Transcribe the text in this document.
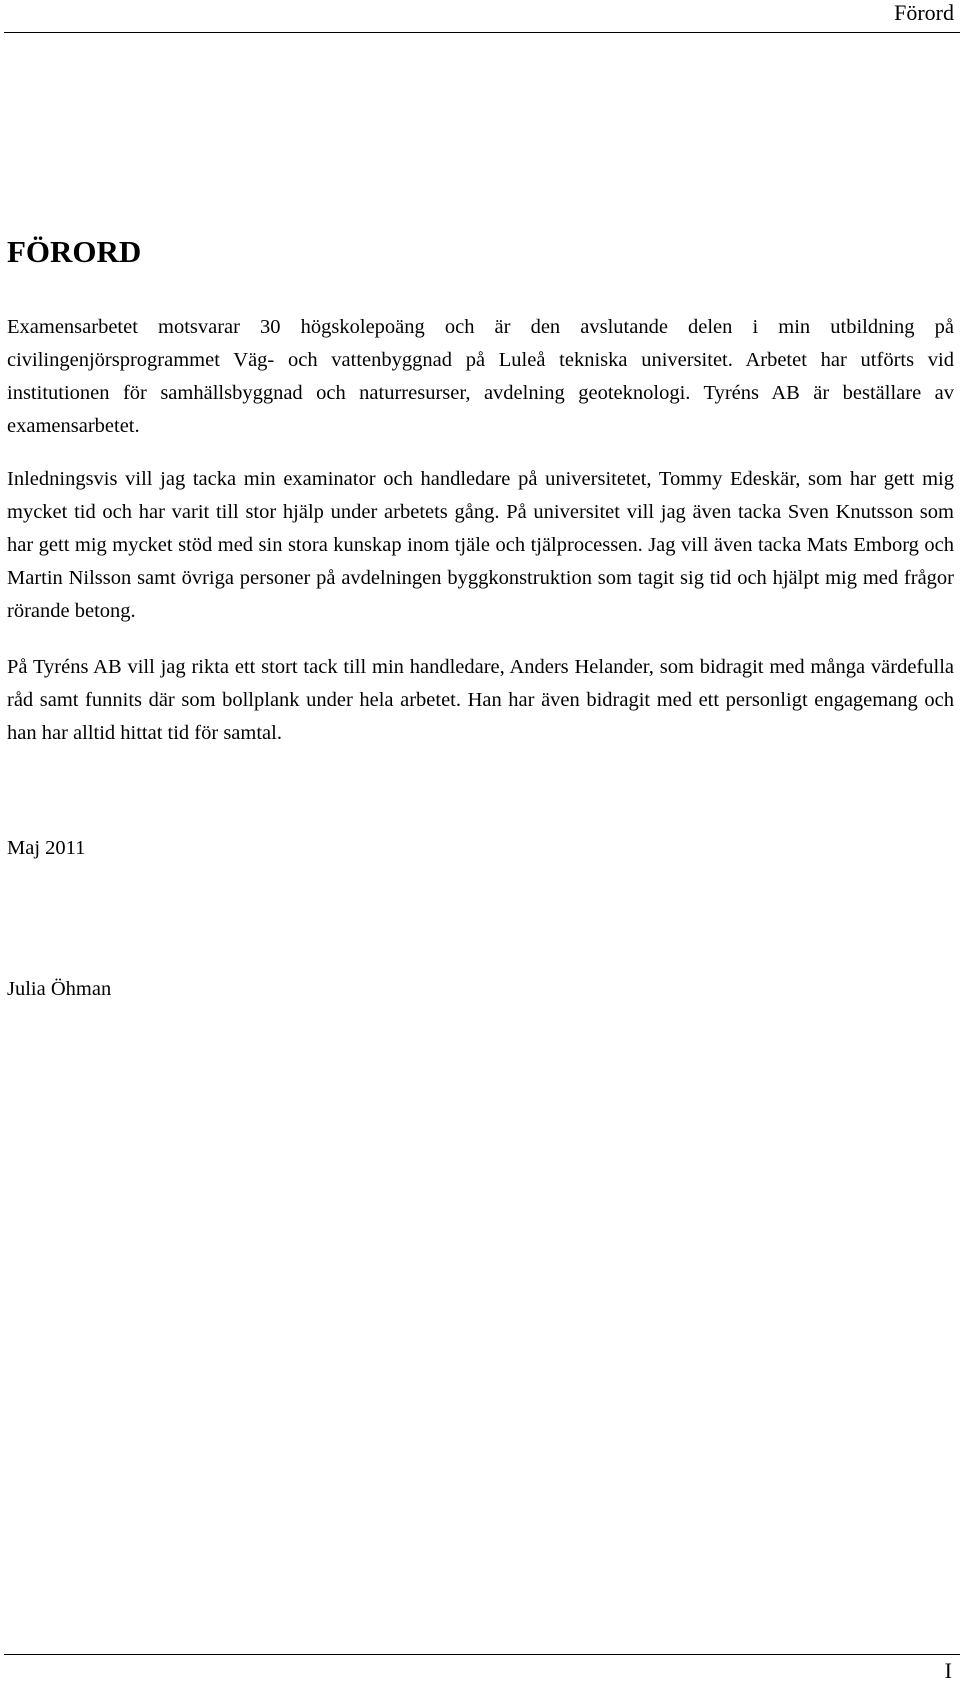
Förord
FÖRORD

Examensarbetet motsvarar 30 högskolepoäng och är den avslutande delen i min utbildning på civilingenjörsprogrammet Väg- och vattenbyggnad på Luleå tekniska universitet. Arbetet har utförts vid institutionen för samhällsbyggnad och naturresurser, avdelning geoteknologi. Tyréns AB är beställare av examensarbetet.

Inledningsvis vill jag tacka min examinator och handledare på universitetet, Tommy Edeskär, som har gett mig mycket tid och har varit till stor hjälp under arbetets gång. På universitet vill jag även tacka Sven Knutsson som har gett mig mycket stöd med sin stora kunskap inom tjäle och tjälprocessen. Jag vill även tacka Mats Emborg och Martin Nilsson samt övriga personer på avdelningen byggkonstruktion som tagit sig tid och hjälpt mig med frågor rörande betong.

På Tyréns AB vill jag rikta ett stort tack till min handledare, Anders Helander, som bidragit med många värdefulla råd samt funnits där som bollplank under hela arbetet. Han har även bidragit med ett personligt engagemang och han har alltid hittat tid för samtal.

Maj 2011
Julia Öhman
I
